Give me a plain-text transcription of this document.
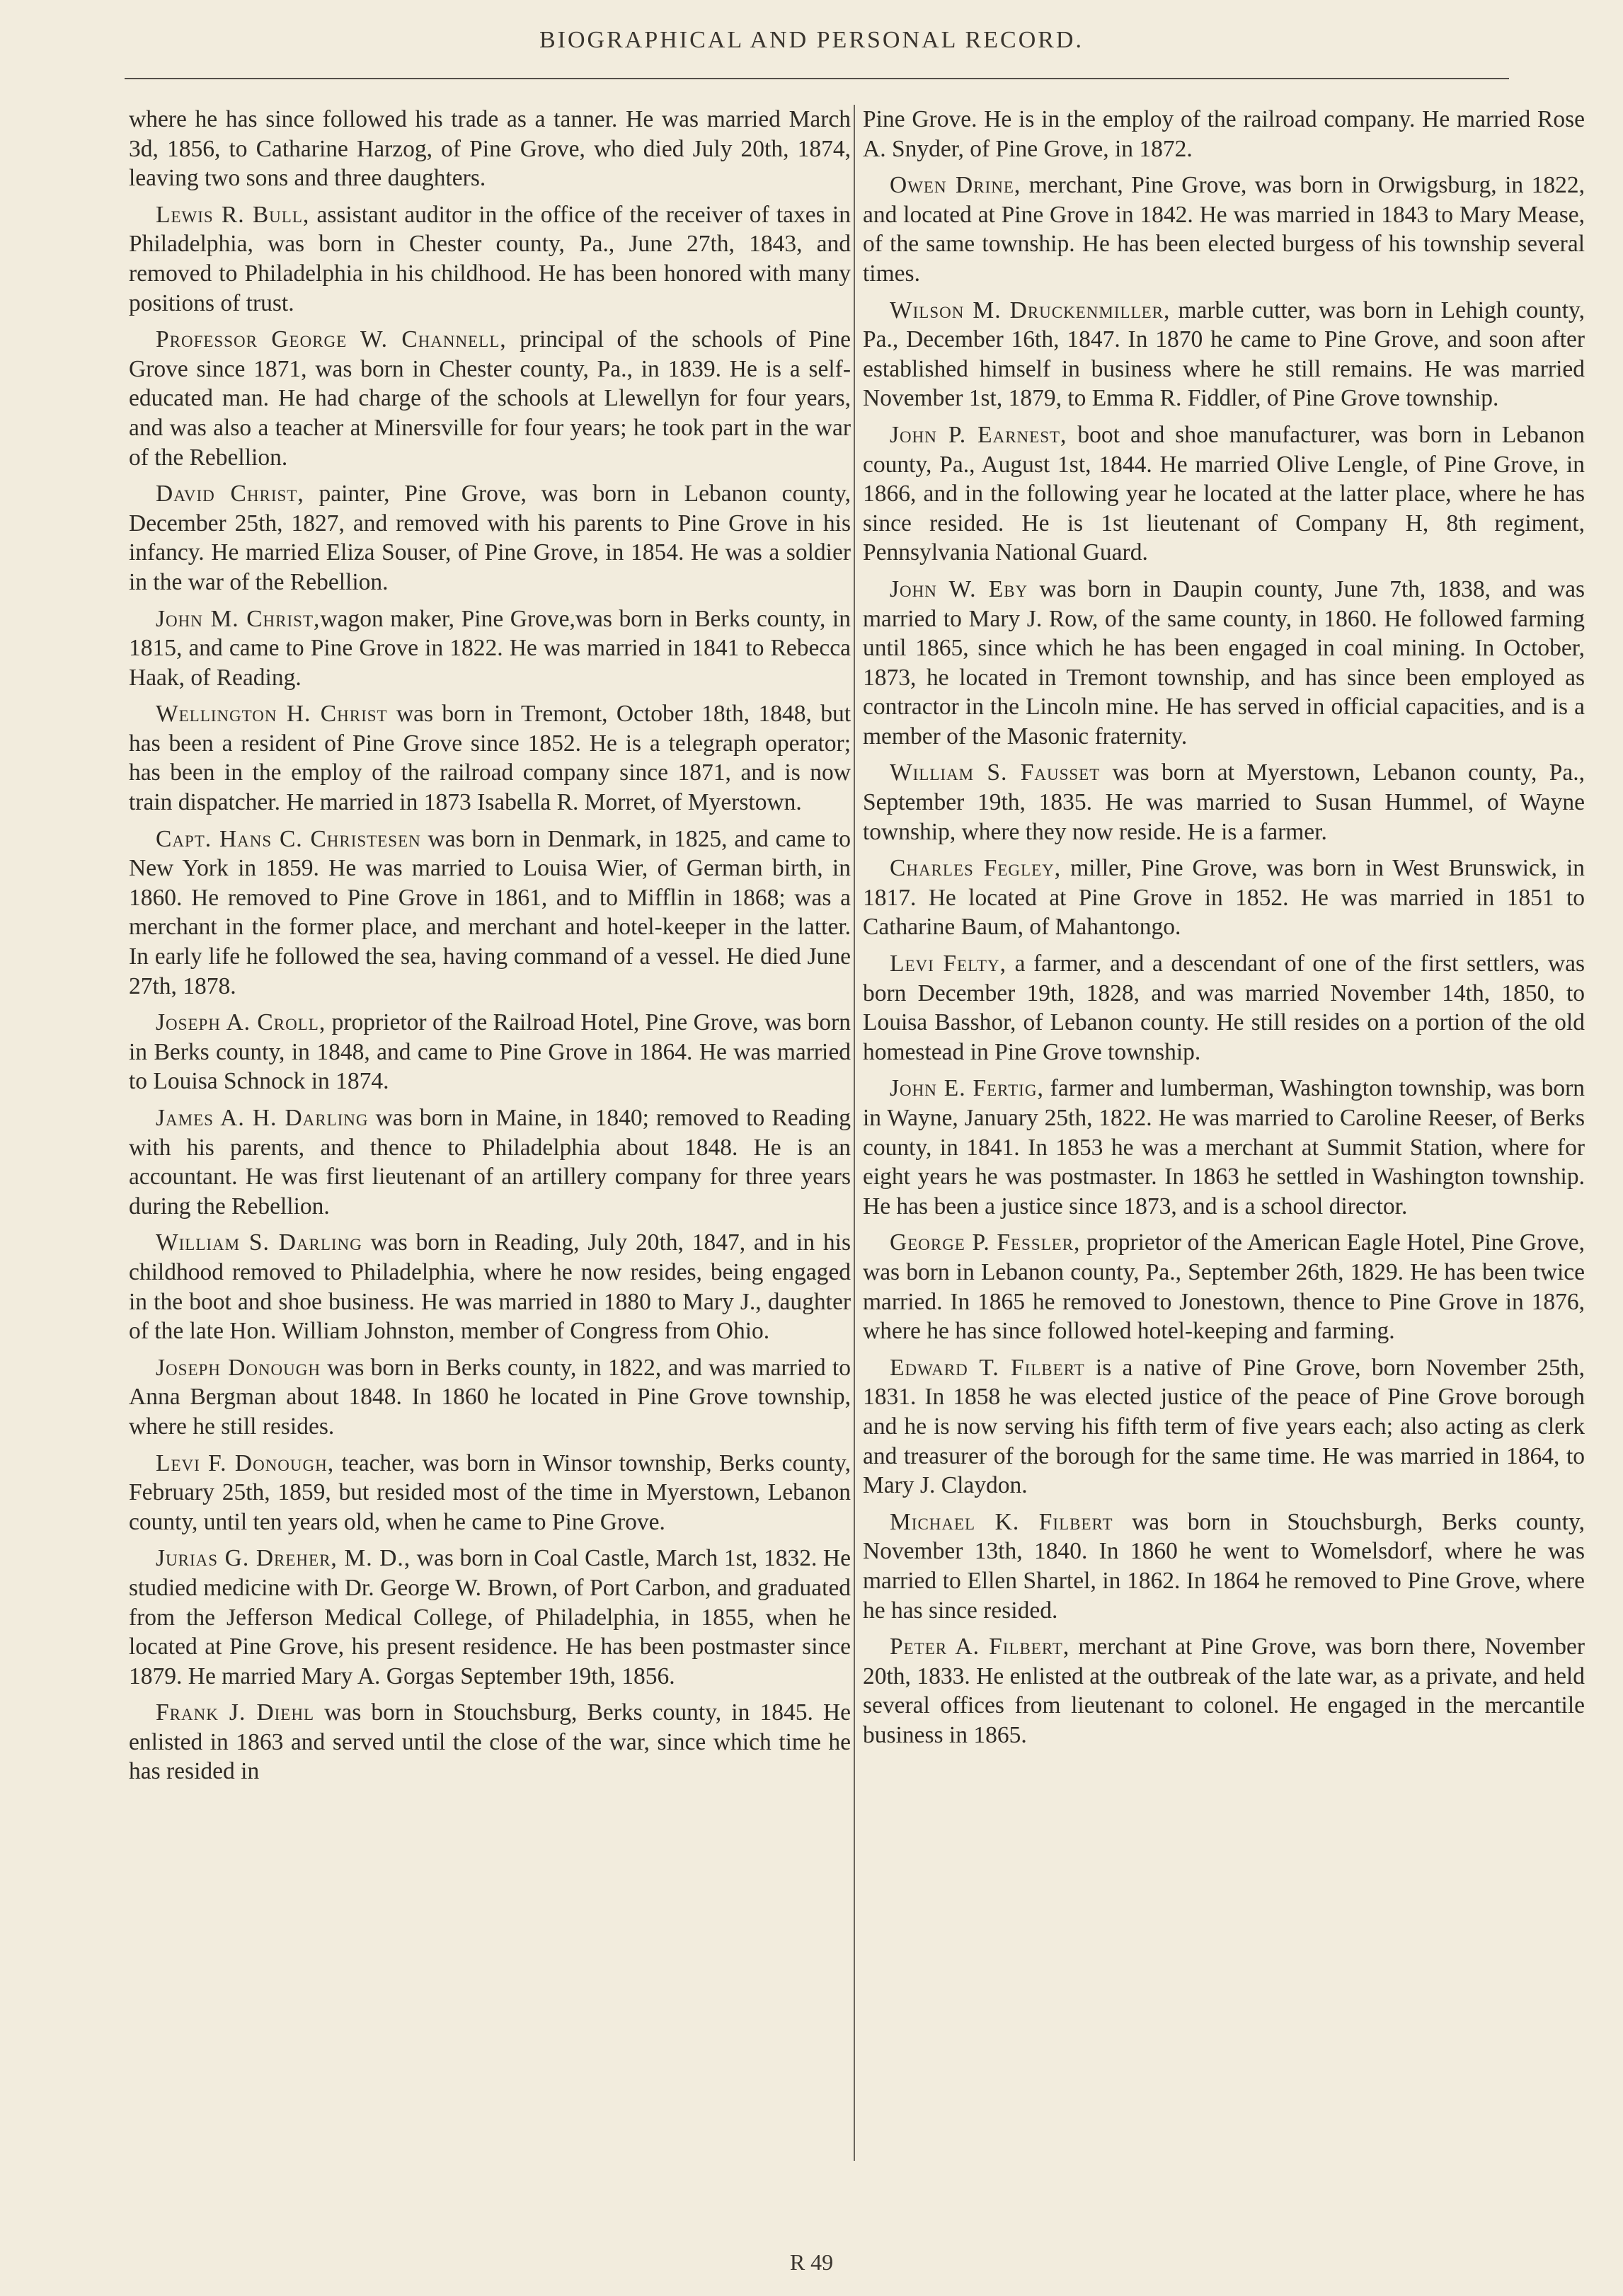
BIOGRAPHICAL AND PERSONAL RECORD.

where he has since followed his trade as a tanner. He was married March 3d, 1856, to Catharine Harzog, of Pine Grove, who died July 20th, 1874, leaving two sons and three daughters.

Lewis R. Bull, assistant auditor in the office of the receiver of taxes in Philadelphia, was born in Chester county, Pa., June 27th, 1843, and removed to Philadelphia in his childhood. He has been honored with many positions of trust.

Professor George W. Channell, principal of the schools of Pine Grove since 1871, was born in Chester county, Pa., in 1839. He is a self-educated man. He had charge of the schools at Llewellyn for four years, and was also a teacher at Minersville for four years; he took part in the war of the Rebellion.

David Christ, painter, Pine Grove, was born in Lebanon county, December 25th, 1827, and removed with his parents to Pine Grove in his infancy. He married Eliza Souser, of Pine Grove, in 1854. He was a soldier in the war of the Rebellion.

John M. Christ,wagon maker, Pine Grove,was born in Berks county, in 1815, and came to Pine Grove in 1822. He was married in 1841 to Rebecca Haak, of Reading.

Wellington H. Christ was born in Tremont, October 18th, 1848, but has been a resident of Pine Grove since 1852. He is a telegraph operator; has been in the employ of the railroad company since 1871, and is now train dispatcher. He married in 1873 Isabella R. Morret, of Myerstown.

Capt. Hans C. Christesen was born in Denmark, in 1825, and came to New York in 1859. He was married to Louisa Wier, of German birth, in 1860. He removed to Pine Grove in 1861, and to Mifflin in 1868; was a merchant in the former place, and merchant and hotel-keeper in the latter. In early life he followed the sea, having command of a vessel. He died June 27th, 1878.

Joseph A. Croll, proprietor of the Railroad Hotel, Pine Grove, was born in Berks county, in 1848, and came to Pine Grove in 1864. He was married to Louisa Schnock in 1874.

James A. H. Darling was born in Maine, in 1840; removed to Reading with his parents, and thence to Philadelphia about 1848. He is an accountant. He was first lieutenant of an artillery company for three years during the Rebellion.

William S. Darling was born in Reading, July 20th, 1847, and in his childhood removed to Philadelphia, where he now resides, being engaged in the boot and shoe business. He was married in 1880 to Mary J., daughter of the late Hon. William Johnston, member of Congress from Ohio.

Joseph Donough was born in Berks county, in 1822, and was married to Anna Bergman about 1848. In 1860 he located in Pine Grove township, where he still resides.

Levi F. Donough, teacher, was born in Winsor township, Berks county, February 25th, 1859, but resided most of the time in Myerstown, Lebanon county, until ten years old, when he came to Pine Grove.

Jurias G. Dreher, M. D., was born in Coal Castle, March 1st, 1832. He studied medicine with Dr. George W. Brown, of Port Carbon, and graduated from the Jefferson Medical College, of Philadelphia, in 1855, when he located at Pine Grove, his present residence. He has been postmaster since 1879. He married Mary A. Gorgas September 19th, 1856.

Frank J. Diehl was born in Stouchsburg, Berks county, in 1845. He enlisted in 1863 and served until the close of the war, since which time he has resided in

Pine Grove. He is in the employ of the railroad company. He married Rose A. Snyder, of Pine Grove, in 1872.

Owen Drine, merchant, Pine Grove, was born in Orwigsburg, in 1822, and located at Pine Grove in 1842. He was married in 1843 to Mary Mease, of the same township. He has been elected burgess of his township several times.

Wilson M. Druckenmiller, marble cutter, was born in Lehigh county, Pa., December 16th, 1847. In 1870 he came to Pine Grove, and soon after established himself in business where he still remains. He was married November 1st, 1879, to Emma R. Fiddler, of Pine Grove township.

John P. Earnest, boot and shoe manufacturer, was born in Lebanon county, Pa., August 1st, 1844. He married Olive Lengle, of Pine Grove, in 1866, and in the following year he located at the latter place, where he has since resided. He is 1st lieutenant of Company H, 8th regiment, Pennsylvania National Guard.

John W. Eby was born in Daupin county, June 7th, 1838, and was married to Mary J. Row, of the same county, in 1860. He followed farming until 1865, since which he has been engaged in coal mining. In October, 1873, he located in Tremont township, and has since been employed as contractor in the Lincoln mine. He has served in official capacities, and is a member of the Masonic fraternity.

William S. Fausset was born at Myerstown, Lebanon county, Pa., September 19th, 1835. He was married to Susan Hummel, of Wayne township, where they now reside. He is a farmer.

Charles Fegley, miller, Pine Grove, was born in West Brunswick, in 1817. He located at Pine Grove in 1852. He was married in 1851 to Catharine Baum, of Mahantongo.

Levi Felty, a farmer, and a descendant of one of the first settlers, was born December 19th, 1828, and was married November 14th, 1850, to Louisa Basshor, of Lebanon county. He still resides on a portion of the old homestead in Pine Grove township.

John E. Fertig, farmer and lumberman, Washington township, was born in Wayne, January 25th, 1822. He was married to Caroline Reeser, of Berks county, in 1841. In 1853 he was a merchant at Summit Station, where for eight years he was postmaster. In 1863 he settled in Washington township. He has been a justice since 1873, and is a school director.

George P. Fessler, proprietor of the American Eagle Hotel, Pine Grove, was born in Lebanon county, Pa., September 26th, 1829. He has been twice married. In 1865 he removed to Jonestown, thence to Pine Grove in 1876, where he has since followed hotel-keeping and farming.

Edward T. Filbert is a native of Pine Grove, born November 25th, 1831. In 1858 he was elected justice of the peace of Pine Grove borough and he is now serving his fifth term of five years each; also acting as clerk and treasurer of the borough for the same time. He was married in 1864, to Mary J. Claydon.

Michael K. Filbert was born in Stouchsburgh, Berks county, November 13th, 1840. In 1860 he went to Womelsdorf, where he was married to Ellen Shartel, in 1862. In 1864 he removed to Pine Grove, where he has since resided.

Peter A. Filbert, merchant at Pine Grove, was born there, November 20th, 1833. He enlisted at the outbreak of the late war, as a private, and held several offices from lieutenant to colonel. He engaged in the mercantile business in 1865.

R 49
